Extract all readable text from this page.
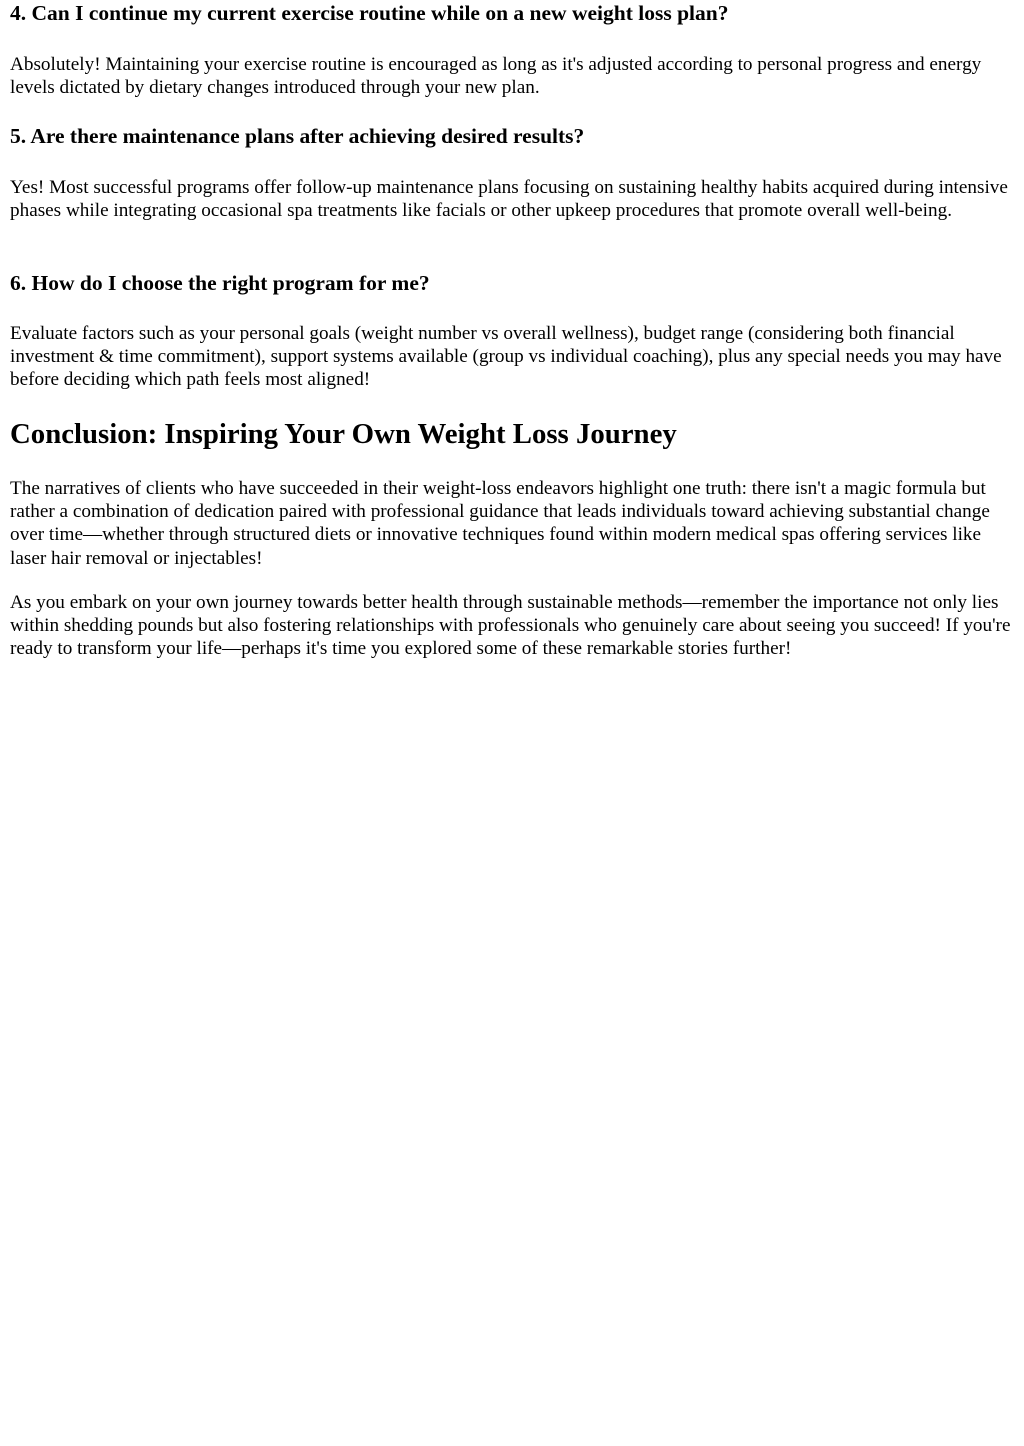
4. Can I continue my current exercise routine while on a new weight loss plan?

Absolutely! Maintaining your exercise routine is encouraged as long as it's adjusted according to personal progress and energy levels dictated by dietary changes introduced through your new plan.

5. Are there maintenance plans after achieving desired results?

Yes! Most successful programs offer follow-up maintenance plans focusing on sustaining healthy habits acquired during intensive phases while integrating occasional spa treatments like facials or other upkeep procedures that promote overall well-being.

6. How do I choose the right program for me?

Evaluate factors such as your personal goals (weight number vs overall wellness), budget range (considering both financial investment & time commitment), support systems available (group vs individual coaching), plus any special needs you may have before deciding which path feels most aligned!

Conclusion: Inspiring Your Own Weight Loss Journey

The narratives of clients who have succeeded in their weight-loss endeavors highlight one truth: there isn't a magic formula but rather a combination of dedication paired with professional guidance that leads individuals toward achieving substantial change over time—whether through structured diets or innovative techniques found within modern medical spas offering services like laser hair removal or injectables!

As you embark on your own journey towards better health through sustainable methods—remember the importance not only lies within shedding pounds but also fostering relationships with professionals who genuinely care about seeing you succeed! If you're ready to transform your life—perhaps it's time you explored some of these remarkable stories further!
